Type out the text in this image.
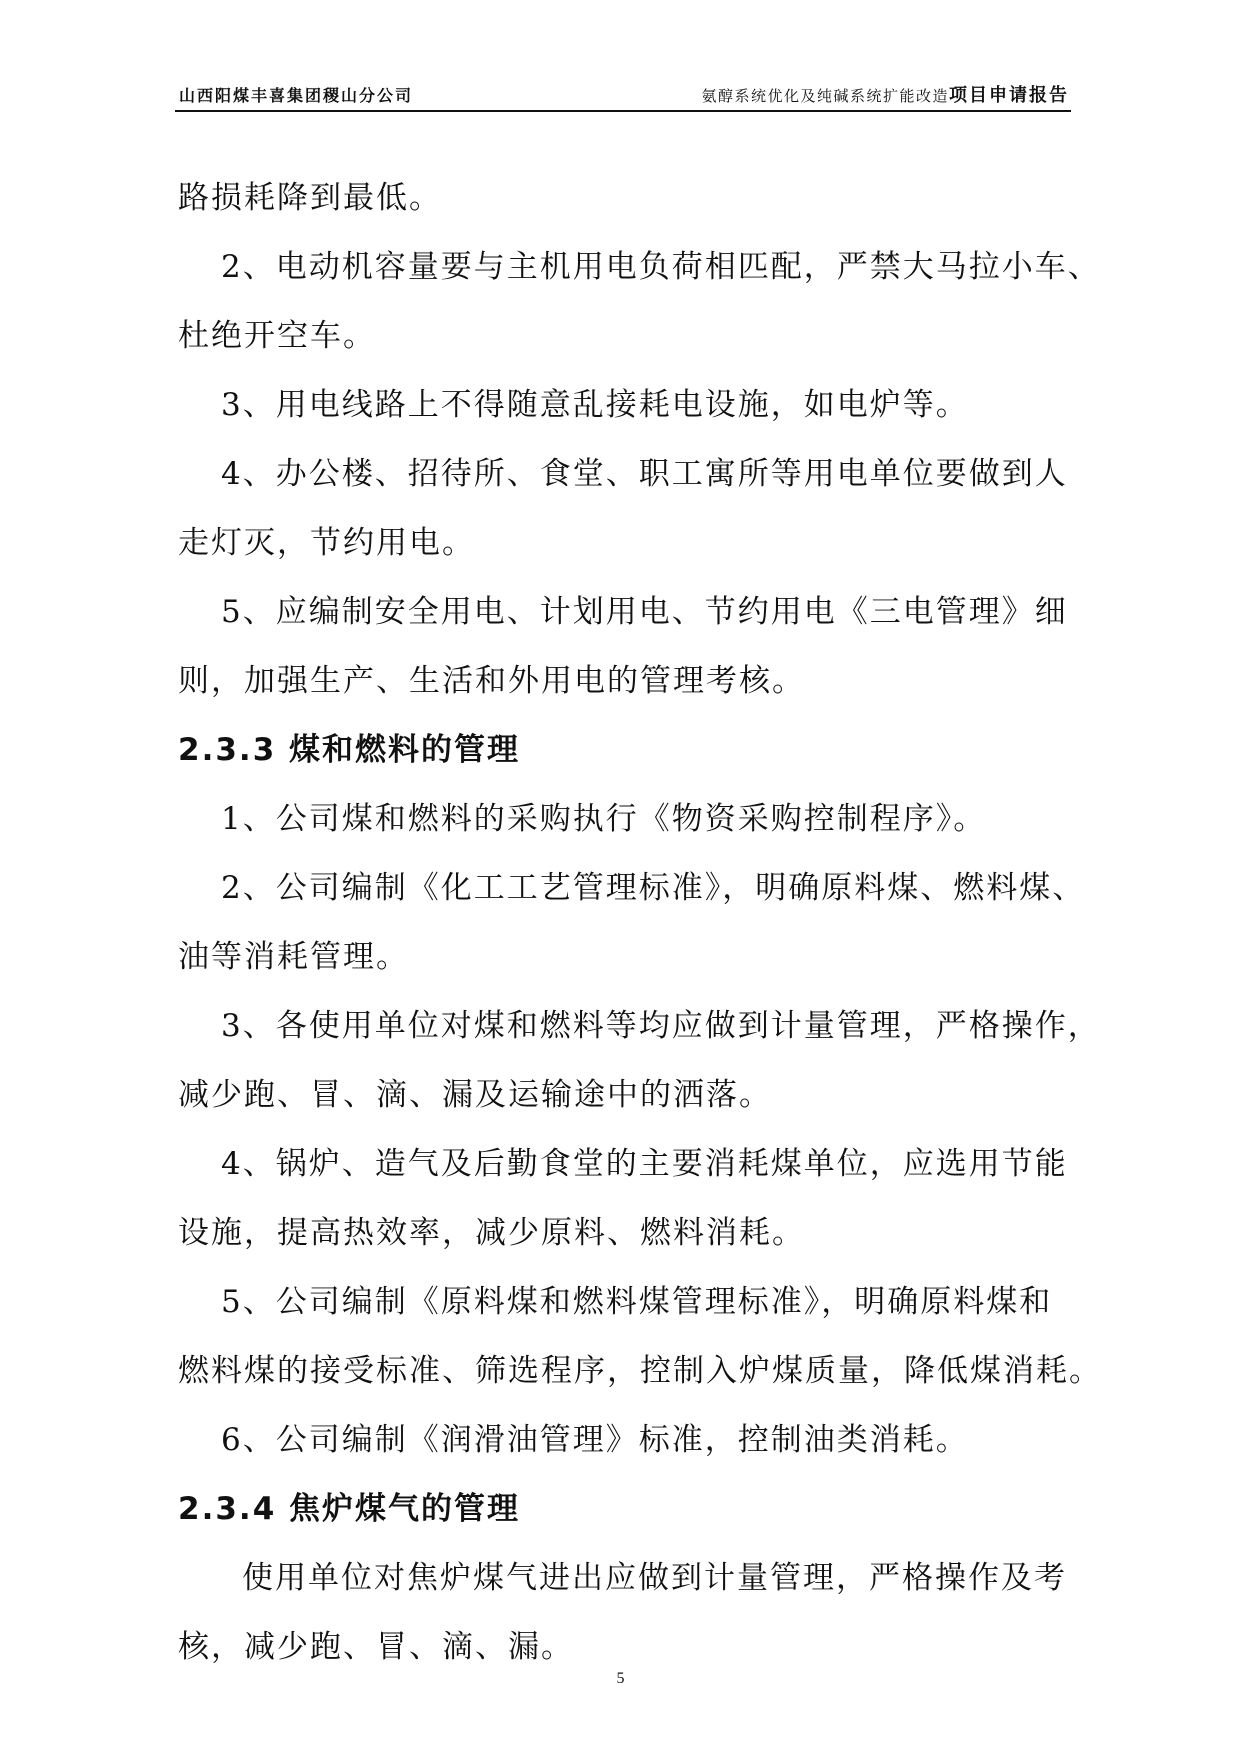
山西阳煤丰喜集团稷山分公司	氨醇系统优化及纯碱系统扩能改造项目申请报告

路损耗降到最低。

2、电动机容量要与主机用电负荷相匹配，严禁大马拉小车、

杜绝开空车。

3、用电线路上不得随意乱接耗电设施，如电炉等。

4、办公楼、招待所、食堂、职工寓所等用电单位要做到人

走灯灭，节约用电。

5、应编制安全用电、计划用电、节约用电《三电管理》细

则，加强生产、生活和外用电的管理考核。

2.3.3 煤和燃料的管理

1、公司煤和燃料的采购执行《物资采购控制程序》。

2、公司编制《化工工艺管理标准》，明确原料煤、燃料煤、

油等消耗管理。

3、各使用单位对煤和燃料等均应做到计量管理，严格操作，

减少跑、冒、滴、漏及运输途中的洒落。

4、锅炉、造气及后勤食堂的主要消耗煤单位，应选用节能

设施，提高热效率，减少原料、燃料消耗。

5、公司编制《原料煤和燃料煤管理标准》，明确原料煤和

燃料煤的接受标准、筛选程序，控制入炉煤质量，降低煤消耗。

6、公司编制《润滑油管理》标准，控制油类消耗。

2.3.4 焦炉煤气的管理

使用单位对焦炉煤气进出应做到计量管理，严格操作及考

核，减少跑、冒、滴、漏。

5
